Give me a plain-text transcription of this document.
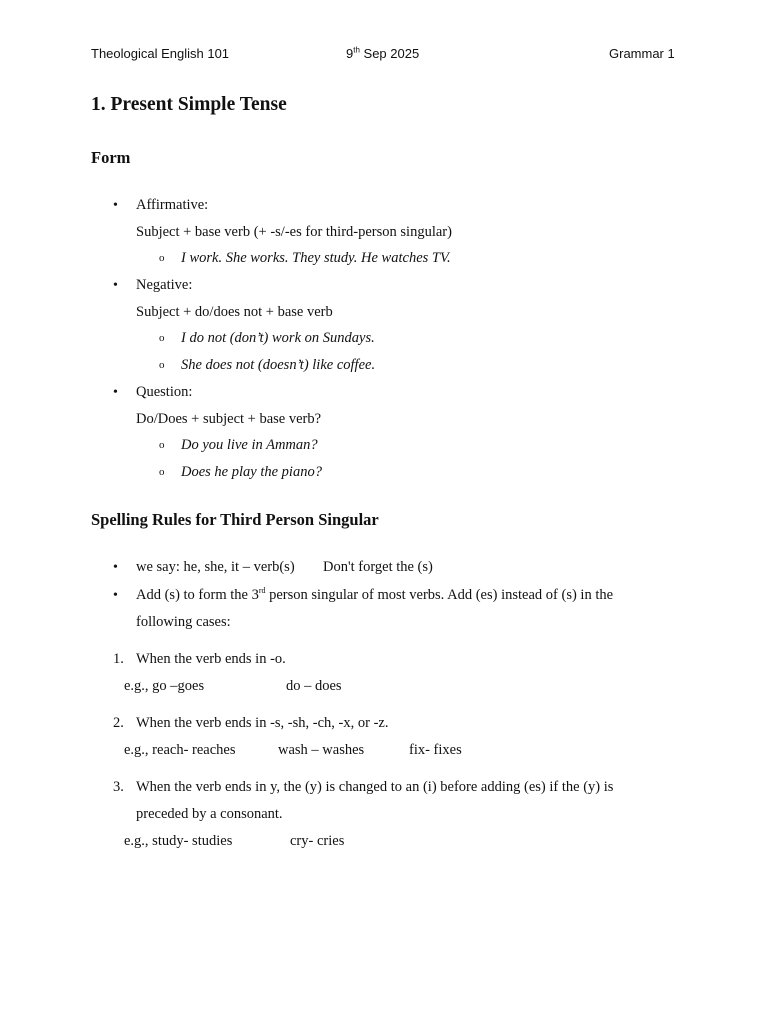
Theological English 101	9th Sep 2025	Grammar 1
1. Present Simple Tense
Form
• Affirmative:
Subject + base verb (+ -s/-es for third-person singular)
o I work. She works. They study. He watches TV.
• Negative:
Subject + do/does not + base verb
o I do not (don’t) work on Sundays.
o She does not (doesn’t) like coffee.
• Question:
Do/Does + subject + base verb?
o Do you live in Amman?
o Does he play the piano?
Spelling Rules for Third Person Singular
• we say: he, she, it – verb(s) Don't forget the (s)
• Add (s) to form the 3rd person singular of most verbs. Add (es) instead of (s) in the
following cases:
1. When the verb ends in -o.
e.g., go –goes	do – does
2. When the verb ends in -s, -sh, -ch, -x, or -z.
e.g., reach- reaches	wash – washes	fix- fixes
3. When the verb ends in y, the (y) is changed to an (i) before adding (es) if the (y) is
preceded by a consonant.
e.g., study- studies	cry- cries
